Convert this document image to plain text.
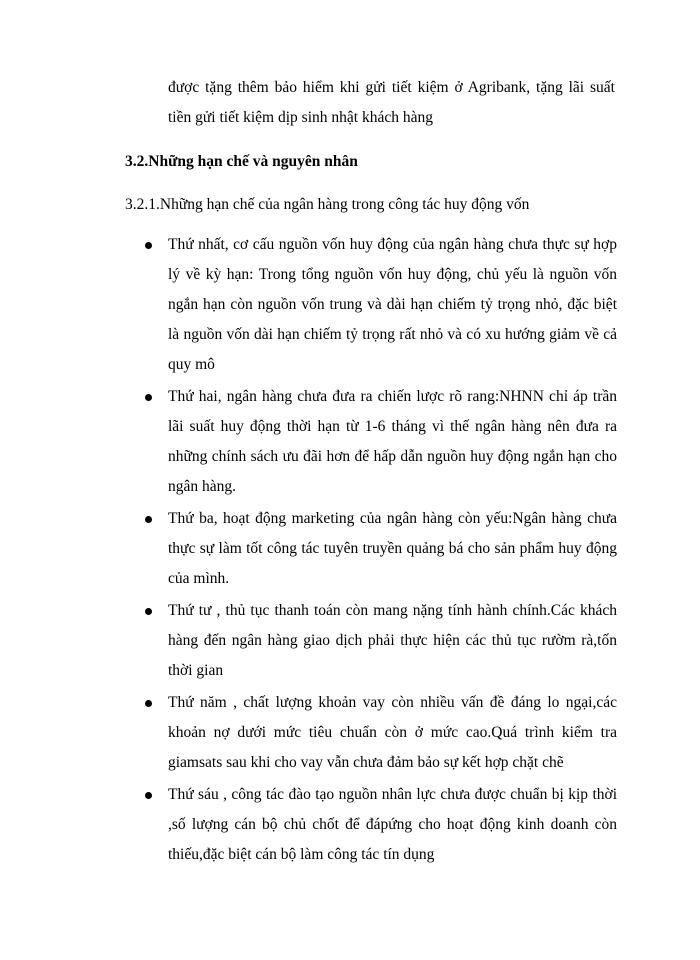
được tặng thêm bảo hiểm khi gửi tiết kiệm ở Agribank, tặng lãi suất tiền gửi tiết kiệm dịp sinh nhật khách hàng

3.2.Những hạn chế và nguyên nhân
3.2.1.Những hạn chế của ngân hàng trong công tác huy động vốn
Thứ nhất, cơ cấu nguồn vốn huy động của ngân hàng chưa thực sự hợp lý về kỳ hạn: Trong tổng nguồn vốn huy động, chủ yếu là nguồn vốn ngắn hạn còn nguồn vốn trung và dài hạn chiếm tỷ trọng nhỏ, đặc biệt là nguồn vốn dài hạn chiếm tỷ trọng rất nhỏ và có xu hướng giảm về cả quy mô
Thứ hai, ngân hàng chưa đưa ra chiến lược rõ rang:NHNN chỉ áp trần lãi suất huy động thời hạn từ 1-6 tháng vì thế ngân hàng nên đưa ra những chính sách ưu đãi hơn để hấp dẫn nguồn huy động ngắn hạn cho ngân hàng.
Thứ ba, hoạt động marketing của ngân hàng còn yếu:Ngân hàng chưa thực sự làm tốt công tác tuyên truyền quảng bá cho sản phẩm huy động của mình.
Thứ tư , thủ tục thanh toán còn mang nặng tính hành chính.Các khách hàng đến ngân hàng giao dịch phải thực hiện các thủ tục rườm rà,tốn thời gian
Thứ năm , chất lượng khoản vay còn nhiều vấn đề đáng lo ngại,các khoản nợ dưới mức tiêu chuẩn còn ở mức cao.Quá trình kiểm tra giamsats sau khi cho vay vẫn chưa đảm bảo sự kết hợp chặt chẽ
Thứ sáu , công tác đào tạo nguồn nhân lực chưa được chuẩn bị kịp thời ,số lượng cán bộ chủ chốt để đápứng cho hoạt động kinh doanh còn thiếu,đặc biệt cán bộ làm công tác tín dụng
